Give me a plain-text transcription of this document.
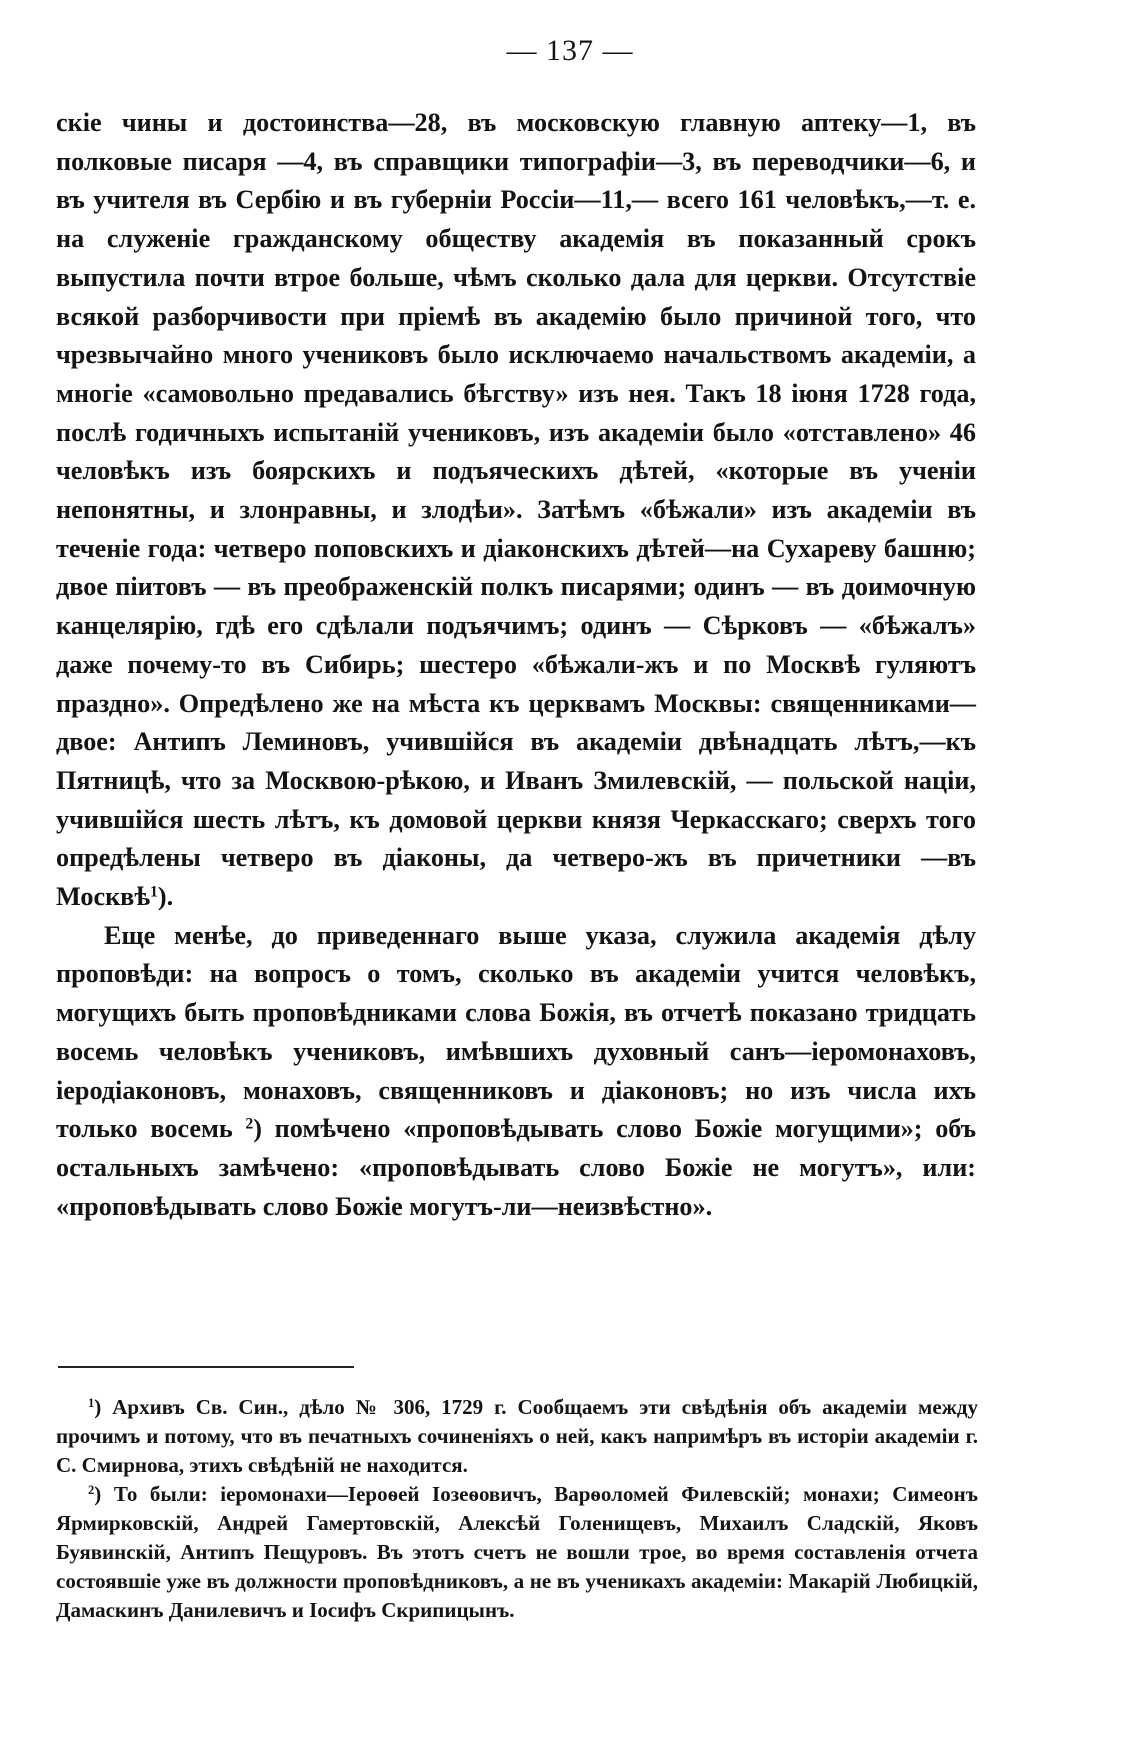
— 137 —

скіе чины и достоинства—28, въ московскую главную аптеку—1, въ полковые писаря —4, въ справщики типографіи—3, въ переводчики—6, и въ учителя въ Сербію и въ губерніи Россіи—11,— всего 161 человѣкъ,—т. е. на служеніе гражданскому обществу академія въ показанный срокъ выпустила почти втрое больше, чѣмъ сколько дала для церкви. Отсутствіе всякой разборчивости при пріемѣ въ академію было причиной того, что чрезвычайно много учениковъ было исключаемо начальствомъ академіи, а многіе «самовольно предавались бѣгству» изъ нея. Такъ 18 іюня 1728 года, послѣ годичныхъ испытаній учениковъ, изъ академіи было «отставлено» 46 человѣкъ изъ боярскихъ и подъяческихъ дѣтей, «которые въ ученіи непонятны, и злонравны, и злодѣи». Затѣмъ «бѣжали» изъ академіи въ теченіе года: четверо поповскихъ и діаконскихъ дѣтей—на Сухареву башню; двое піитовъ — въ преображенскій полкъ писарями; одинъ — въ доимочную канцелярію, гдѣ его сдѣлали подъячимъ; одинъ — Сѣрковъ — «бѣжалъ» даже почему-то въ Сибирь; шестеро «бѣжали-жъ и по Москвѣ гуляютъ праздно». Опредѣлено же на мѣста къ церквамъ Москвы: священниками—двое: Антипъ Леминовъ, учившійся въ академіи двѣнадцать лѣтъ,—къ Пятницѣ, что за Москвою-рѣкою, и Иванъ Змилевскій, — польской націи, учившійся шесть лѣтъ, къ домовой церкви князя Черкасскаго; сверхъ того опредѣлены четверо въ діаконы, да четверо-жъ въ причетники —въ Москвѣ$^1$).

Еще менѣе, до приведеннаго выше указа, служила академія дѣлу проповѣди: на вопросъ о томъ, сколько въ академіи учится человѣкъ, могущихъ быть проповѣдниками слова Божія, въ отчетѣ показано тридцать восемь человѣкъ учениковъ, имѣвшихъ духовный санъ—іеромонаховъ, іеродіаконовъ, монаховъ, священниковъ и діаконовъ; но изъ числа ихъ только восемь $^2$) помѣчено «проповѣдывать слово Божіе могущими»; объ остальныхъ замѣчено: «проповѣдывать слово Божіе не могутъ», или: «проповѣдывать слово Божіе могутъ-ли—неизвѣстно».

$^1$) Архивъ Св. Син., дѣло № 306, 1729 г. Сообщаемъ эти свѣдѣнія объ академіи между прочимъ и потому, что въ печатныхъ сочиненіяхъ о ней, какъ напримѣръ въ исторіи академіи г. С. Смирнова, этихъ свѣдѣній не находится.

$^2$) То были: іеромонахи—Іероѳей Іозеѳовичъ, Варѳоломей Филевскій; монахи; Симеонъ Ярмирковскій, Андрей Гамертовскій, Алексѣй Голенищевъ, Михаилъ Сладскій, Яковъ Буявинскій, Антипъ Пещуровъ. Въ этотъ счетъ не вошли трое, во время составленія отчета состоявшіе уже въ должности проповѣдниковъ, а не въ ученикахъ академіи: Макарій Любицкій, Дамаскинъ Данилевичъ и Іосифъ Скрипицынъ.
